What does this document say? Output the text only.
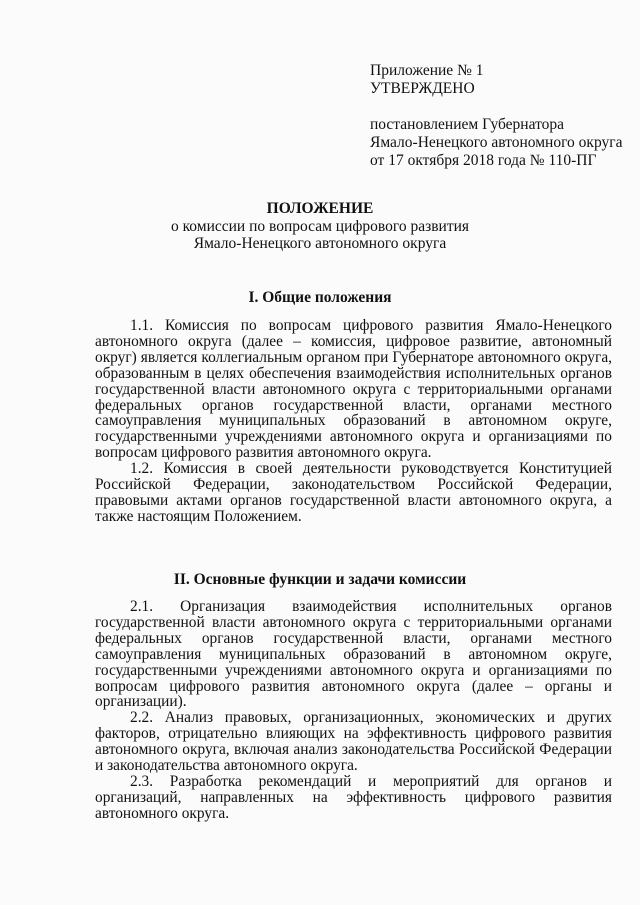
Приложение № 1
УТВЕРЖДЕНО
постановлением Губернатора
Ямало-Ненецкого автономного округа
от 17 октября 2018 года № 110-ПГ
ПОЛОЖЕНИЕ
о комиссии по вопросам цифрового развития
Ямало-Ненецкого автономного округа
I. Общие положения

1.1. Комиссия по вопросам цифрового развития Ямало-Ненецкого автономного округа (далее – комиссия, цифровое развитие, автономный округ) является коллегиальным органом при Губернаторе автономного округа, образованным в целях обеспечения взаимодействия исполнительных органов государственной власти автономного округа с территориальными органами федеральных органов государственной власти, органами местного самоуправления муниципальных образований в автономном округе, государственными учреждениями автономного округа и организациями по вопросам цифрового развития автономного округа.

1.2. Комиссия в своей деятельности руководствуется Конституцией Российской Федерации, законодательством Российской Федерации, правовыми актами органов государственной власти автономного округа, а также настоящим Положением.

II. Основные функции и задачи комиссии

2.1. Организация взаимодействия исполнительных органов государственной власти автономного округа с территориальными органами федеральных органов государственной власти, органами местного самоуправления муниципальных образований в автономном округе, государственными учреждениями автономного округа и организациями по вопросам цифрового развития автономного округа (далее – органы и организации).

2.2. Анализ правовых, организационных, экономических и других факторов, отрицательно влияющих на эффективность цифрового развития автономного округа, включая анализ законодательства Российской Федерации и законодательства автономного округа.

2.3. Разработка рекомендаций и мероприятий для органов и организаций, направленных на эффективность цифрового развития автономного округа.
